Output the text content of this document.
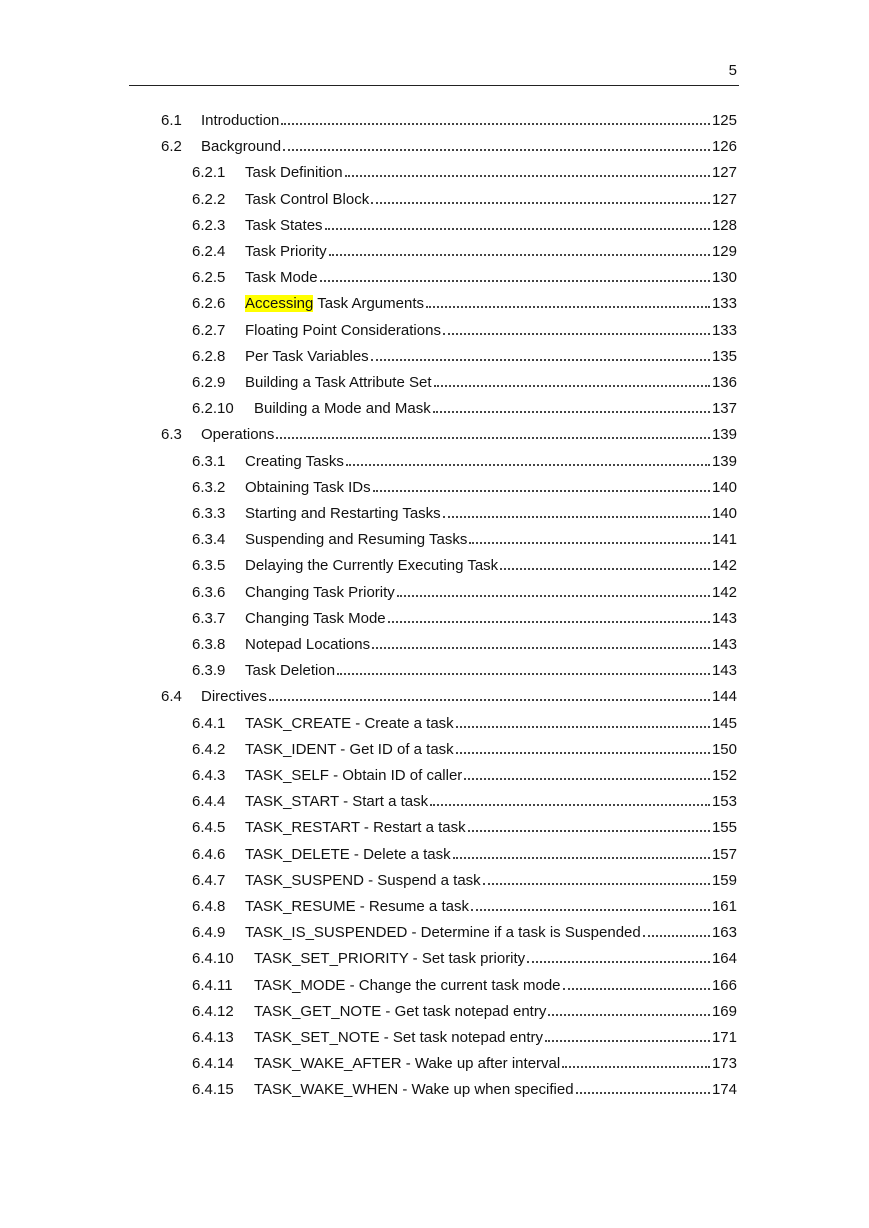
5
6.1	Introduction	125
6.2	Background	126
6.2.1	Task Definition	127
6.2.2	Task Control Block	127
6.2.3	Task States	128
6.2.4	Task Priority	129
6.2.5	Task Mode	130
6.2.6	Accessing Task Arguments	133
6.2.7	Floating Point Considerations	133
6.2.8	Per Task Variables	135
6.2.9	Building a Task Attribute Set	136
6.2.10	Building a Mode and Mask	137
6.3	Operations	139
6.3.1	Creating Tasks	139
6.3.2	Obtaining Task IDs	140
6.3.3	Starting and Restarting Tasks	140
6.3.4	Suspending and Resuming Tasks	141
6.3.5	Delaying the Currently Executing Task	142
6.3.6	Changing Task Priority	142
6.3.7	Changing Task Mode	143
6.3.8	Notepad Locations	143
6.3.9	Task Deletion	143
6.4	Directives	144
6.4.1	TASK_CREATE - Create a task	145
6.4.2	TASK_IDENT - Get ID of a task	150
6.4.3	TASK_SELF - Obtain ID of caller	152
6.4.4	TASK_START - Start a task	153
6.4.5	TASK_RESTART - Restart a task	155
6.4.6	TASK_DELETE - Delete a task	157
6.4.7	TASK_SUSPEND - Suspend a task	159
6.4.8	TASK_RESUME - Resume a task	161
6.4.9	TASK_IS_SUSPENDED - Determine if a task is Suspended	163
6.4.10	TASK_SET_PRIORITY - Set task priority	164
6.4.11	TASK_MODE - Change the current task mode	166
6.4.12	TASK_GET_NOTE - Get task notepad entry	169
6.4.13	TASK_SET_NOTE - Set task notepad entry	171
6.4.14	TASK_WAKE_AFTER - Wake up after interval	173
6.4.15	TASK_WAKE_WHEN - Wake up when specified	174
